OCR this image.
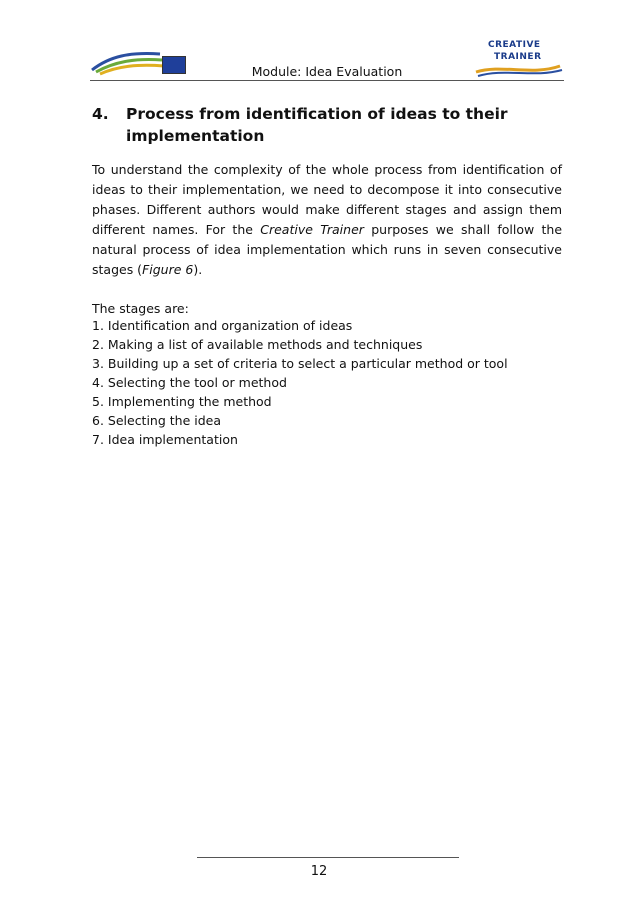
Module: Idea Evaluation
CREATIVE
TRAINER
4. Process from identification of ideas to their implementation
To understand the complexity of the whole process from identification of ideas to their implementation, we need to decompose it into consecutive phases. Different authors would make different stages and assign them different names. For the Creative Trainer purposes we shall follow the natural process of idea implementation which runs in seven consecutive stages (Figure 6).
The stages are:
1. Identification and organization of ideas
2. Making a list of available methods and techniques
3. Building up a set of criteria to select a particular method or tool
4. Selecting the tool or method
5. Implementing the method
6. Selecting the idea
7. Idea implementation
12
